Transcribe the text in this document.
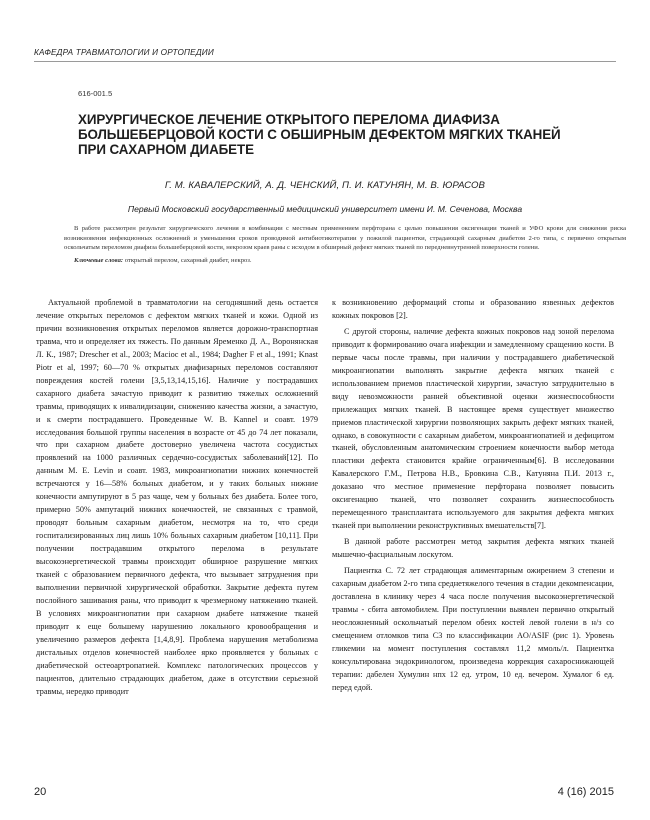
КАФЕДРА ТРАВМАТОЛОГИИ И ОРТОПЕДИИ
616-001.5
ХИРУРГИЧЕСКОЕ ЛЕЧЕНИЕ ОТКРЫТОГО ПЕРЕЛОМА ДИАФИЗА
БОЛЬШЕБЕРЦОВОЙ КОСТИ С ОБШИРНЫМ ДЕФЕКТОМ МЯГКИХ ТКАНЕЙ
ПРИ САХАРНОМ ДИАБЕТЕ
Г. М. КАВАЛЕРСКИЙ, А. Д. ЧЕНСКИЙ, П. И. КАТУНЯН, М. В. ЮРАСОВ
Первый Московский государственный медицинский университет имени И. М. Сеченова, Москва

В работе рассмотрен результат хирургического лечения в комбинации с местным применением перфторана с целью повышения оксигенации тканей и УФО крови для снижения риска возникновения инфекционных осложнений и уменьшения сроков проводимой антибиотикотерапии у пожилой пациентки, страдающей сахарным диабетом 2-го типа, с первично открытым оскольчатым переломом диафиза большеберцовой кости, некрозом краев раны с исходом в обширный дефект мягких тканей по передневнутренней поверхности голени.

Ключевые слова: открытый перелом, сахарный диабет, некроз.

Актуальной проблемой в травматологии на сегодняшний день остается лечение открытых переломов с дефектом мягких тканей и кожи. Одной из причин возникновения открытых переломов является дорожно-транспортная травма, что и определяет их тяжесть. По данным Яременко Д. А., Воронянская Л. К., 1987; Drescher et al., 2003; Macioc et al., 1984; Dagher F et al., 1991; Knast Piotr et al, 1997; 60—70 % открытых диафизарных переломов составляют повреждения костей голени [3,5,13,14,15,16]. Наличие у пострадавших сахарного диабета зачастую приводит к развитию тяжелых осложнений травмы, приводящих к инвалидизации, снижению качества жизни, а зачастую, и к смерти пострадавшего. Проведенные W. B. Kannel и соавт. 1979 исследования большой группы населения в возрасте от 45 до 74 лет показали, что при сахарном диабете достоверно увеличена частота сосудистых проявлений на 1000 различных сердечно-сосудистых заболеваний[12]. По данным M. E. Levin и соавт. 1983, микроангиопатии нижних конечностей встречаются у 16—58% больных диабетом, и у таких больных нижние конечности ампутируют в 5 раз чаще, чем у больных без диабета. Более того, примерно 50% ампутаций нижних конечностей, не связанных с травмой, проводят больным сахарным диабетом, несмотря на то, что среди госпитализированных лиц лишь 10% больных сахарным диабетом [10,11]. При получении пострадавшим открытого перелома в результате высокоэнергетической травмы происходит обширное разрушение мягких тканей с образованием первичного дефекта, что вызывает затруднения при выполнении первичной хирургической обработки. Закрытие дефекта путем послойного зашивания раны, что приводит к чрезмерному натяжению тканей. В условиях микроангиопатии при сахарном диабете натяжение тканей приводит к еще большему нарушению локального кровообращения и увеличению размеров дефекта [1,4,8,9]. Проблема нарушения метаболизма дистальных отделов конечностей наиболее ярко проявляется у больных с диабетической остеоартропатией. Комплекс патологических процессов у пациентов, длительно страдающих диабетом, даже в отсутствии серьезной травмы, нередко приводит

к возникновению деформаций стопы и образованию язвенных дефектов кожных покровов [2].

С другой стороны, наличие дефекта кожных покровов над зоной перелома приводит к формированию очага инфекции и замедленному сращению кости. В первые часы после травмы, при наличии у пострадавшего диабетической микроангиопатии выполнять закрытие дефекта мягких тканей с использованием приемов пластической хирургии, зачастую затруднительно в виду невозможности ранней объективной оценки жизнеспособности прилежащих мягких тканей. В настоящее время существует множество приемов пластической хирургии позволяющих закрыть дефект мягких тканей, однако, в совокупности с сахарным диабетом, микроангиопатией и дефицитом тканей, обусловленным анатомическим строением конечности выбор метода пластики дефекта становится крайне ограниченным[6]. В исследовании Кавалерского Г.М., Петрова Н.В., Бровкина С.В., Катуняна П.И. 2013 г., доказано что местное применение перфторана позволяет повысить оксигенацию тканей, что позволяет сохранить жизнеспособность перемещенного трансплантата используемого для закрытия дефекта мягких тканей при выполнении реконструктивных вмешательств[7].

В данной работе рассмотрен метод закрытия дефекта мягких тканей мышечно-фасциальным лоскутом.

Пациентка С. 72 лет страдающая алиментарным ожирением 3 степени и сахарным диабетом 2-го типа среднетяжелого течения в стадии декомпенсации, доставлена в клинику через 4 часа после получения высокоэнергетической травмы - сбита автомобилем. При поступлении выявлен первично открытый неосложненный оскольчатый перелом обеих костей левой голени в н/з со смещением отломков типа C3 по классификации AO/ASIF (рис 1). Уровень гликемии на момент поступления составлял 11,2 ммоль/л. Пациентка консультирована эндокринологом, произведена коррекция сахароснижающей терапии: дабелен Хумулин нпх 12 ед. утром, 10 ед. вечером. Хумалог 6 ед. перед едой.

20	4 (16) 2015
